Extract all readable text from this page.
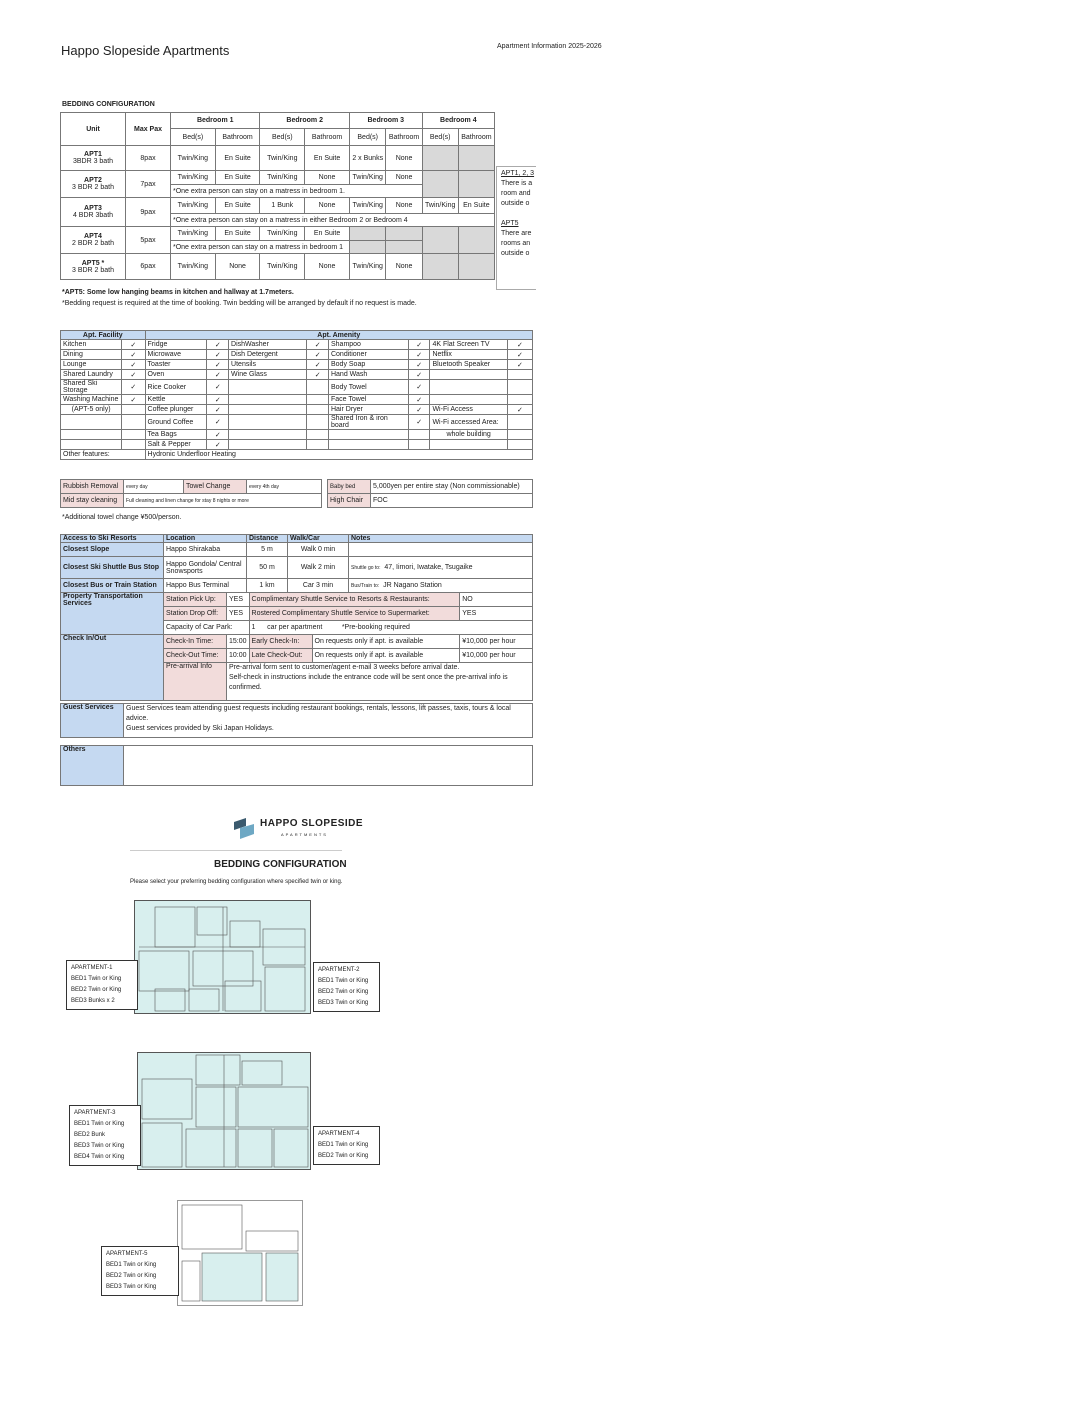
Happo Slopeside Apartments	Apartment Information 2025-2026
BEDDING CONFIGURATION
Unit	Max Pax	Bedroom 1		Bedroom 2		Bedroom 3		Bedroom 4	
		Bed(s)	Bathroom	Bed(s)	Bathroom	Bed(s)	Bathroom	Bed(s)	Bathroom
APT1
3BDR 3 bath	8pax	Twin/King	En Suite	Twin/King	En Suite	2 x Bunks	None		
APT2
3 BDR 2 bath	7pax	Twin/King	En Suite	Twin/King	None	Twin/King	None		
		*One extra person can stay on a matress in bedroom 1.							
APT3
4 BDR 3bath	9pax	Twin/King	En Suite	1 Bunk	None	Twin/King	None	Twin/King	En Suite
		*One extra person can stay on a matress in either Bedroom 2 or Bedroom 4							
APT4
2 BDR 2 bath	5pax	Twin/King	En Suite	Twin/King	En Suite				
		*One extra person can stay on a matress in bedroom 1							
APT5 *
3 BDR 2 bath	6pax	Twin/King	None	Twin/King	None	Twin/King	None		
APT1, 2, 3
There is a
room and
outside o
APT5
There are
rooms an
outside o
*APT5: Some low hanging beams in kitchen and hallway at 1.7meters.
*Bedding request is required at the time of booking. Twin bedding will be arranged by default if no request is made.
Apt. Facility		Apt. Amenity							
Kitchen	✓	Fridge	✓	DishWasher	✓	Shampoo	✓	4K Flat Screen TV	✓
Dining	✓	Microwave	✓	Dish Detergent	✓	Conditioner	✓	Netflix	✓
Lounge	✓	Toaster	✓	Utensils	✓	Body Soap	✓	Bluetooth Speaker	✓
Shared Laundry	✓	Oven	✓	Wine Glass	✓	Hand Wash	✓		
Shared Ski Storage	✓	Rice Cooker	✓			Body Towel	✓		
Washing Machine	✓	Kettle	✓			Face Towel	✓		
(APT-5 only)		Coffee plunger	✓			Hair Dryer	✓	Wi-Fi Access	✓
		Ground Coffee	✓			Shared Iron & iron board	✓	Wi-Fi accessed Area:	
		Tea Bags	✓					whole building	
		Salt & Pepper	✓						
Other features:		Hydronic Underfloor Heating							
Rubbish Removal	every day	Towel Change	every 4th day
Mid stay cleaning	Full cleaning and linen change for stay 8 nights or more		
Baby bed	5,000yen per entire stay (Non commissionable)
High Chair	FOC
*Additional towel change ¥500/person.
Access to Ski Resorts	Location	Distance	Walk/Car	Notes
Closest Slope	Happo Shirakaba	5 m	Walk 0 min	
Closest Ski Shuttle Bus Stop	Happo Gondola/ Central Snowsports	50 m	Walk 2 min	Shuttle go to: 47, Iimori, Iwatake, Tsugaike
Closest Bus or Train Station	Happo Bus Terminal	1 km	Car 3 min	Bus/Train to: JR Nagano Station
Property Transportation Services	Station Pick Up:	YES	Complimentary Shuttle Service to Resorts & Restaurants:		NO
	Station Drop Off:	YES	Rostered Complimentary Shuttle Service to Supermarket:		YES
	Capacity of Car Park:		1 car per apartment *Pre-booking required		
Check In/Out	Check-In Time:	15:00	Early Check-In:	On requests only if apt. is available	¥10,000 per hour
	Check-Out Time:	10:00	Late Check-Out:	On requests only if apt. is available	¥10,000 per hour
	Pre-arrival Info	Pre-arrival form sent to customer/agent e-mail 3 weeks before arrival date.
Self-check in instructions include the entrance code will be sent once the pre-arrival info is confirmed.			
Guest Services	Guest Services team attending guest requests including restaurant bookings, rentals, lessons, lift passes, taxis, tours & local advice.
Guest services provided by Ski Japan Holidays.
Others	
HAPPO SLOPESIDE
APARTMENTS
BEDDING CONFIGURATION
Please select your preferring bedding configuration where specified twin or king.
APARTMENT-1
BED1 Twin or King
BED2 Twin or King
BED3 Bunks x 2
APARTMENT-2
BED1 Twin or King
BED2 Twin or King
BED3 Twin or King
APARTMENT-3
BED1 Twin or King
BED2 Bunk
BED3 Twin or King
BED4 Twin or King
APARTMENT-4
BED1 Twin or King
BED2 Twin or King
APARTMENT-5
BED1 Twin or King
BED2 Twin or King
BED3 Twin or King
